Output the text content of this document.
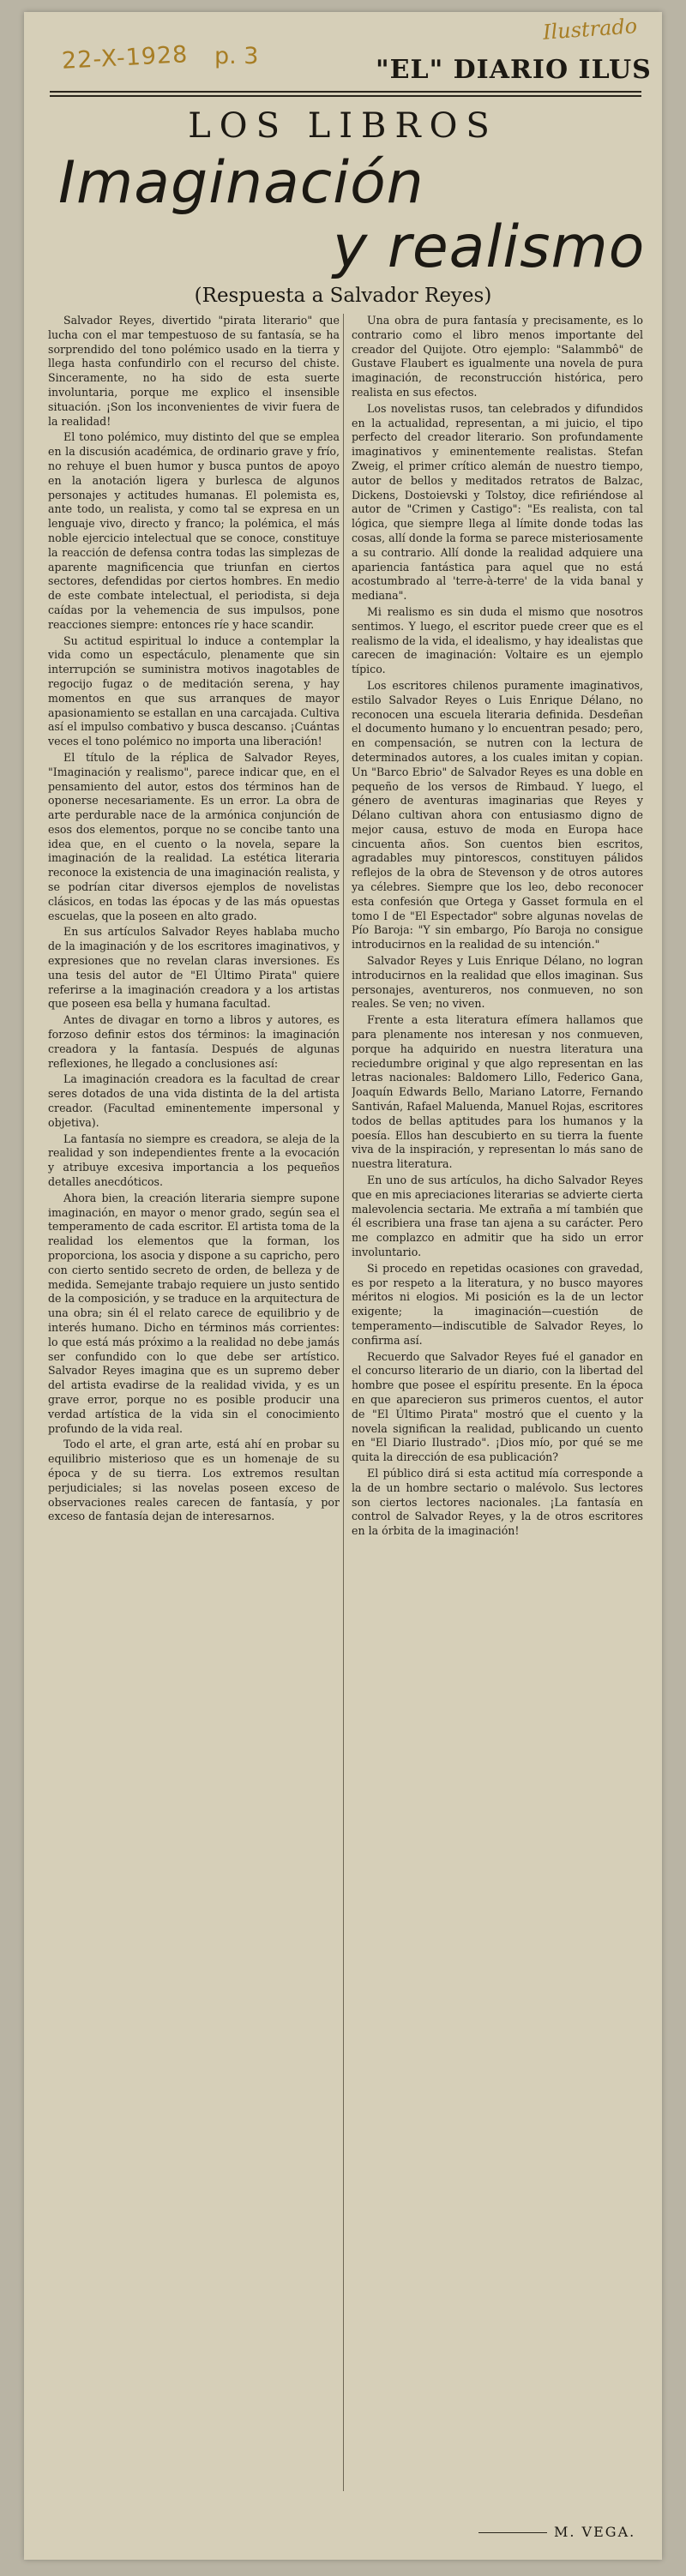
Ilustrado
22-X-1928 p. 3	"EL" DIARIO ILUS
LOS LIBROS
Imaginación
y realismo
(Respuesta a Salvador Reyes)

Salvador Reyes, divertido "pirata literario" que lucha con el mar tempestuoso de su fantasía, se ha sorprendido del tono polémico usado en la tierra y llega hasta confundirlo con el recurso del chiste. Sinceramente, no ha sido de esta suerte involuntaria, porque me explico el insensible situación. ¡Son los inconvenientes de vivir fuera de la realidad!

El tono polémico, muy distinto del que se emplea en la discusión académica, de ordinario grave y frío, no rehuye el buen humor y busca puntos de apoyo en la anotación ligera y burlesca de algunos personajes y actitudes humanas. El polemista es, ante todo, un realista, y como tal se expresa en un lenguaje vivo, directo y franco; la polémica, el más noble ejercicio intelectual que se conoce, constituye la reacción de defensa contra todas las simplezas de aparente magnificencia que triunfan en ciertos sectores, defendidas por ciertos hombres. En medio de este combate intelectual, el periodista, si deja caídas por la vehemencia de sus impulsos, pone reacciones siempre: entonces ríe y hace scandir.

Su actitud espiritual lo induce a contemplar la vida como un espectáculo, plenamente que sin interrupción se suministra motivos inagotables de regocijo fugaz o de meditación serena, y hay momentos en que sus arranques de mayor apasionamiento se estallan en una carcajada. Cultiva así el impulso combativo y busca descanso. ¡Cuántas veces el tono polémico no importa una liberación!

El título de la réplica de Salvador Reyes, "Imaginación y realismo", parece indicar que, en el pensamiento del autor, estos dos términos han de oponerse necesariamente. Es un error. La obra de arte perdurable nace de la armónica conjunción de esos dos elementos, porque no se concibe tanto una idea que, en el cuento o la novela, separe la imaginación de la realidad. La estética literaria reconoce la existencia de una imaginación realista, y se podrían citar diversos ejemplos de novelistas clásicos, en todas las épocas y de las más opuestas escuelas, que la poseen en alto grado.

En sus artículos Salvador Reyes hablaba mucho de la imaginación y de los escritores imaginativos, y expresiones que no revelan claras inversiones. Es una tesis del autor de "El Último Pirata" quiere referirse a la imaginación creadora y a los artistas que poseen esa bella y humana facultad.

Antes de divagar en torno a libros y autores, es forzoso definir estos dos términos: la imaginación creadora y la fantasía. Después de algunas reflexiones, he llegado a conclusiones así:

La imaginación creadora es la facultad de crear seres dotados de una vida distinta de la del artista creador. (Facultad eminentemente impersonal y objetiva).

La fantasía no siempre es creadora, se aleja de la realidad y son independientes frente a la evocación y atribuye excesiva importancia a los pequeños detalles anecdóticos.

Ahora bien, la creación literaria siempre supone imaginación, en mayor o menor grado, según sea el temperamento de cada escritor. El artista toma de la realidad los elementos que la forman, los proporciona, los asocia y dispone a su capricho, pero con cierto sentido secreto de orden, de belleza y de medida. Semejante trabajo requiere un justo sentido de la composición, y se traduce en la arquitectura de una obra; sin él el relato carece de equilibrio y de interés humano. Dicho en términos más corrientes: lo que está más próximo a la realidad no debe jamás ser confundido con lo que debe ser artístico. Salvador Reyes imagina que es un supremo deber del artista evadirse de la realidad vivida, y es un grave error, porque no es posible producir una verdad artística de la vida sin el conocimiento profundo de la vida real.

Todo el arte, el gran arte, está ahí en probar su equilibrio misterioso que es un homenaje de su época y de su tierra. Los extremos resultan perjudiciales; si las novelas poseen exceso de observaciones reales carecen de fantasía, y por exceso de fantasía dejan de interesarnos.

Una obra de pura fantasía y precisamente, es lo contrario como el libro menos importante del creador del Quijote. Otro ejemplo: "Salammbô" de Gustave Flaubert es igualmente una novela de pura imaginación, de reconstrucción histórica, pero realista en sus efectos.

Los novelistas rusos, tan celebrados y difundidos en la actualidad, representan, a mi juicio, el tipo perfecto del creador literario. Son profundamente imaginativos y eminentemente realistas. Stefan Zweig, el primer crítico alemán de nuestro tiempo, autor de bellos y meditados retratos de Balzac, Dickens, Dostoievski y Tolstoy, dice refiriéndose al autor de "Crimen y Castigo": "Es realista, con tal lógica, que siempre llega al límite donde todas las cosas, allí donde la forma se parece misteriosamente a su contrario. Allí donde la realidad adquiere una apariencia fantástica para aquel que no está acostumbrado al 'terre-à-terre' de la vida banal y mediana".

Mi realismo es sin duda el mismo que nosotros sentimos. Y luego, el escritor puede creer que es el realismo de la vida, el idealismo, y hay idealistas que carecen de imaginación: Voltaire es un ejemplo típico.

Los escritores chilenos puramente imaginativos, estilo Salvador Reyes o Luis Enrique Délano, no reconocen una escuela literaria definida. Desdeñan el documento humano y lo encuentran pesado; pero, en compensación, se nutren con la lectura de determinados autores, a los cuales imitan y copian. Un "Barco Ebrio" de Salvador Reyes es una doble en pequeño de los versos de Rimbaud. Y luego, el género de aventuras imaginarias que Reyes y Délano cultivan ahora con entusiasmo digno de mejor causa, estuvo de moda en Europa hace cincuenta años. Son cuentos bien escritos, agradables muy pintorescos, constituyen pálidos reflejos de la obra de Stevenson y de otros autores ya célebres. Siempre que los leo, debo reconocer esta confesión que Ortega y Gasset formula en el tomo I de "El Espectador" sobre algunas novelas de Pío Baroja: "Y sin embargo, Pío Baroja no consigue introducirnos en la realidad de su intención."

Salvador Reyes y Luis Enrique Délano, no logran introducirnos en la realidad que ellos imaginan. Sus personajes, aventureros, nos conmueven, no son reales. Se ven; no viven.

Frente a esta literatura efímera hallamos que para plenamente nos interesan y nos conmueven, porque ha adquirido en nuestra literatura una reciedumbre original y que algo representan en las letras nacionales: Baldomero Lillo, Federico Gana, Joaquín Edwards Bello, Mariano Latorre, Fernando Santiván, Rafael Maluenda, Manuel Rojas, escritores todos de bellas aptitudes para los humanos y la poesía. Ellos han descubierto en su tierra la fuente viva de la inspiración, y representan lo más sano de nuestra literatura.

En uno de sus artículos, ha dicho Salvador Reyes que en mis apreciaciones literarias se advierte cierta malevolencia sectaria. Me extraña a mí también que él escribiera una frase tan ajena a su carácter. Pero me complazco en admitir que ha sido un error involuntario.

Si procedo en repetidas ocasiones con gravedad, es por respeto a la literatura, y no busco mayores méritos ni elogios. Mi posición es la de un lector exigente; la imaginación—cuestión de temperamento—indiscutible de Salvador Reyes, lo confirma así.

Recuerdo que Salvador Reyes fué el ganador en el concurso literario de un diario, con la libertad del hombre que posee el espíritu presente. En la época en que aparecieron sus primeros cuentos, el autor de "El Último Pirata" mostró que el cuento y la novela significan la realidad, publicando un cuento en "El Diario Ilustrado". ¡Dios mío, por qué se me quita la dirección de esa publicación?

El público dirá si esta actitud mía corresponde a la de un hombre sectario o malévolo. Sus lectores son ciertos lectores nacionales. ¡La fantasía en control de Salvador Reyes, y la de otros escritores en la órbita de la imaginación!

M. VEGA.
